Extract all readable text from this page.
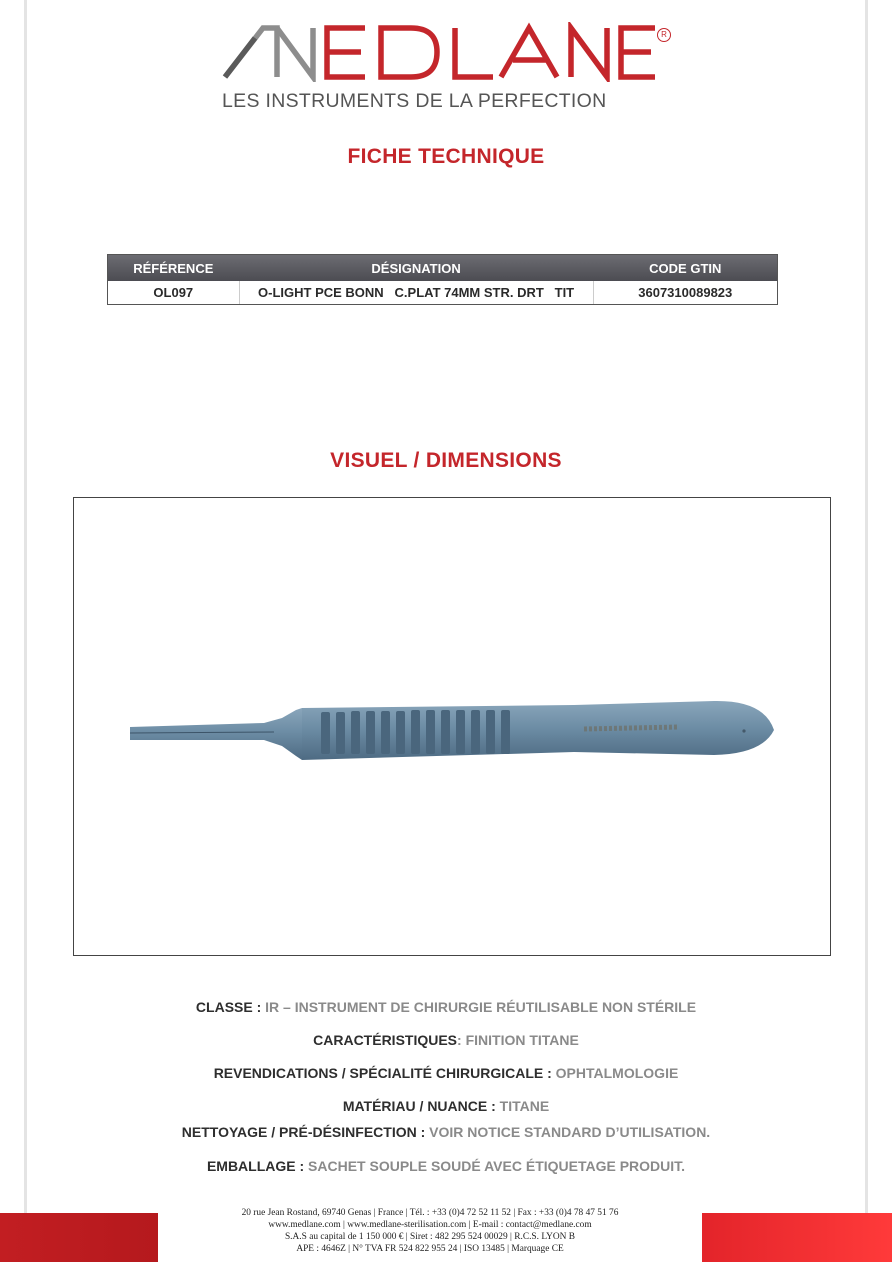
R
LES INSTRUMENTS DE LA PERFECTION
FICHE TECHNIQUE
RÉFÉRENCE	DÉSIGNATION	CODE GTIN
OL097	O-LIGHT PCE BONN   C.PLAT 74MM STR. DRT   TIT	3607310089823
VISUEL / DIMENSIONS
CLASSE : IR – INSTRUMENT DE CHIRURGIE RÉUTILISABLE NON STÉRILE
CARACTÉRISTIQUES: FINITION TITANE
REVENDICATIONS / SPÉCIALITÉ CHIRURGICALE : OPHTALMOLOGIE
MATÉRIAU / NUANCE : TITANE
NETTOYAGE / PRÉ-DÉSINFECTION : VOIR NOTICE STANDARD D’UTILISATION.
EMBALLAGE : SACHET SOUPLE SOUDÉ AVEC ÉTIQUETAGE PRODUIT.
20 rue Jean Rostand, 69740 Genas | France | Tél. : +33 (0)4 72 52 11 52 | Fax : +33 (0)4 78 47 51 76
www.medlane.com | www.medlane-sterilisation.com | E-mail : contact@medlane.com
S.A.S au capital de 1 150 000 € | Siret : 482 295 524 00029 | R.C.S. LYON B
APE : 4646Z | N° TVA FR 524 822 955 24 | ISO 13485 | Marquage CE
